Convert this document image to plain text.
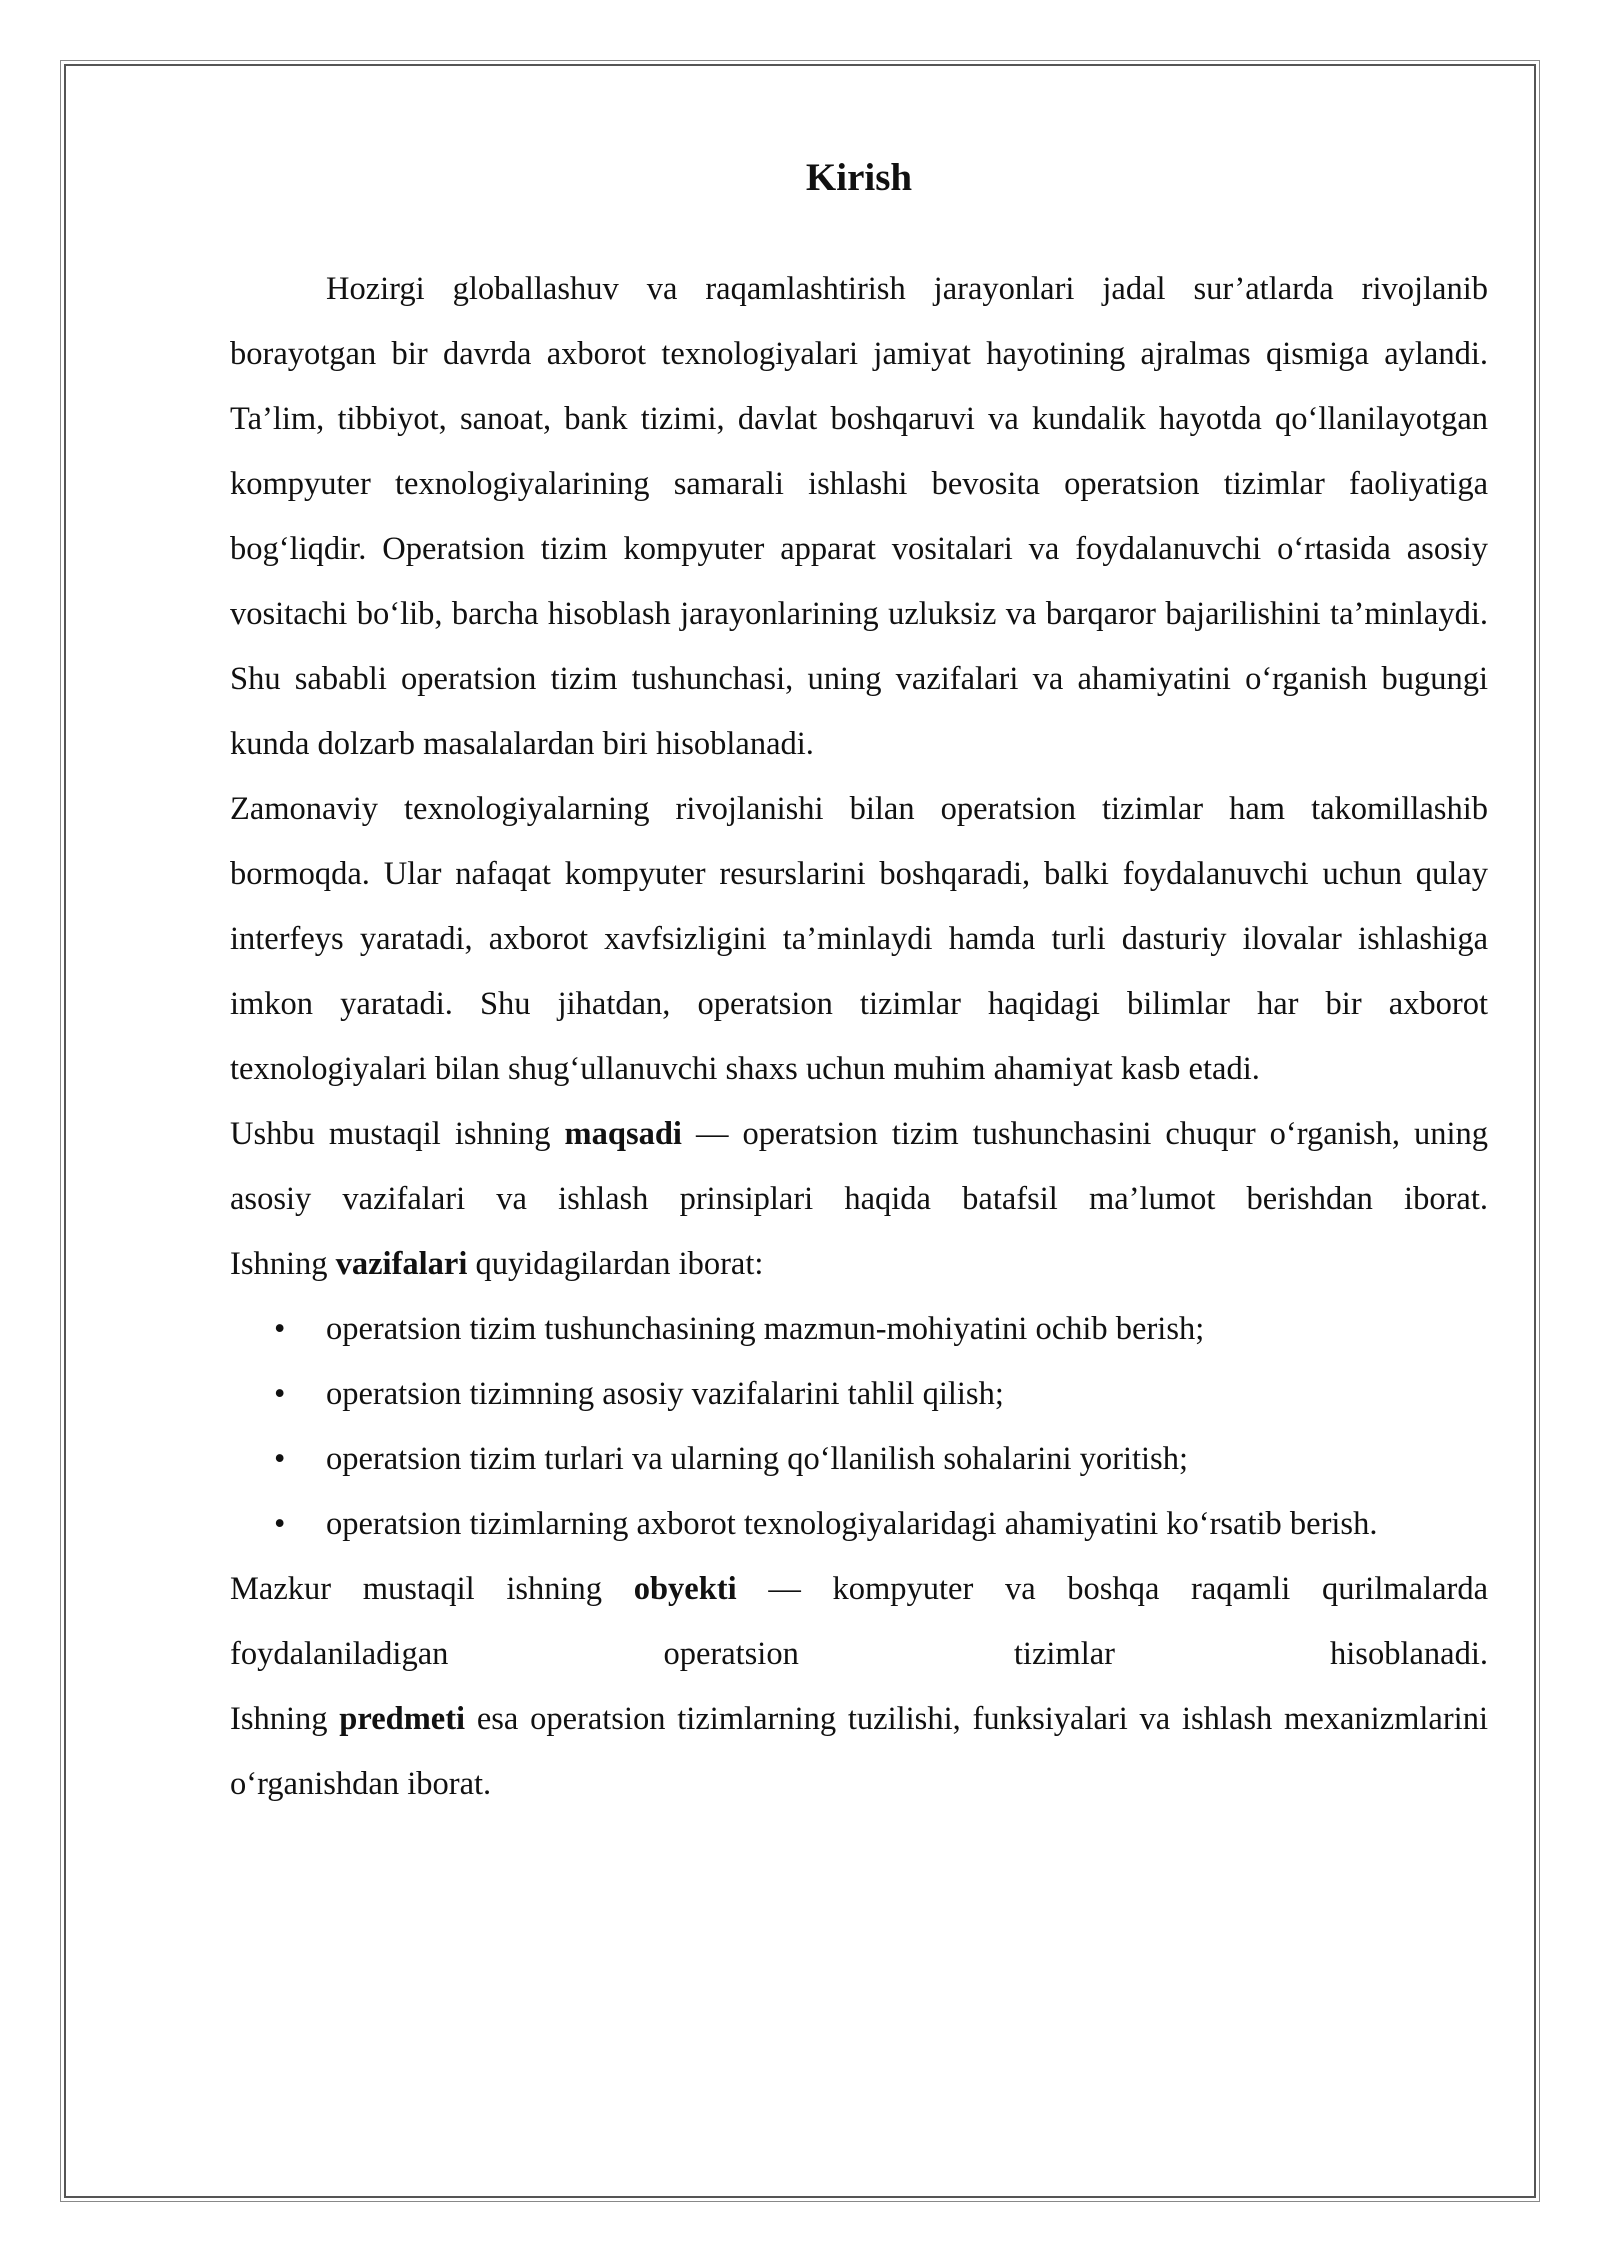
Kirish

Hozirgi globallashuv va raqamlashtirish jarayonlari jadal sur’atlarda rivojlanib borayotgan bir davrda axborot texnologiyalari jamiyat hayotining ajralmas qismiga aylandi. Ta’lim, tibbiyot, sanoat, bank tizimi, davlat boshqaruvi va kundalik hayotda qo‘llanilayotgan kompyuter texnologiyalarining samarali ishlashi bevosita operatsion tizimlar faoliyatiga bog‘liqdir. Operatsion tizim kompyuter apparat vositalari va foydalanuvchi o‘rtasida asosiy vositachi bo‘lib, barcha hisoblash jarayonlarining uzluksiz va barqaror bajarilishini ta’minlaydi. Shu sababli operatsion tizim tushunchasi, uning vazifalari va ahamiyatini o‘rganish bugungi kunda dolzarb masalalardan biri hisoblanadi.

Zamonaviy texnologiyalarning rivojlanishi bilan operatsion tizimlar ham takomillashib bormoqda. Ular nafaqat kompyuter resurslarini boshqaradi, balki foydalanuvchi uchun qulay interfeys yaratadi, axborot xavfsizligini ta’minlaydi hamda turli dasturiy ilovalar ishlashiga imkon yaratadi. Shu jihatdan, operatsion tizimlar haqidagi bilimlar har bir axborot texnologiyalari bilan shug‘ullanuvchi shaxs uchun muhim ahamiyat kasb etadi.

Ushbu mustaqil ishning maqsadi — operatsion tizim tushunchasini chuqur o‘rganish, uning asosiy vazifalari va ishlash prinsiplari haqida batafsil ma’lumot berishdan iborat.

Ishning vazifalari quyidagilardan iborat:

• operatsion tizim tushunchasining mazmun-mohiyatini ochib berish;
• operatsion tizimning asosiy vazifalarini tahlil qilish;
• operatsion tizim turlari va ularning qo‘llanilish sohalarini yoritish;
• operatsion tizimlarning axborot texnologiyalaridagi ahamiyatini ko‘rsatib berish.

Mazkur mustaqil ishning obyekti — kompyuter va boshqa raqamli qurilmalarda foydalaniladigan operatsion tizimlar hisoblanadi.

Ishning predmeti esa operatsion tizimlarning tuzilishi, funksiyalari va ishlash mexanizmlarini o‘rganishdan iborat.
